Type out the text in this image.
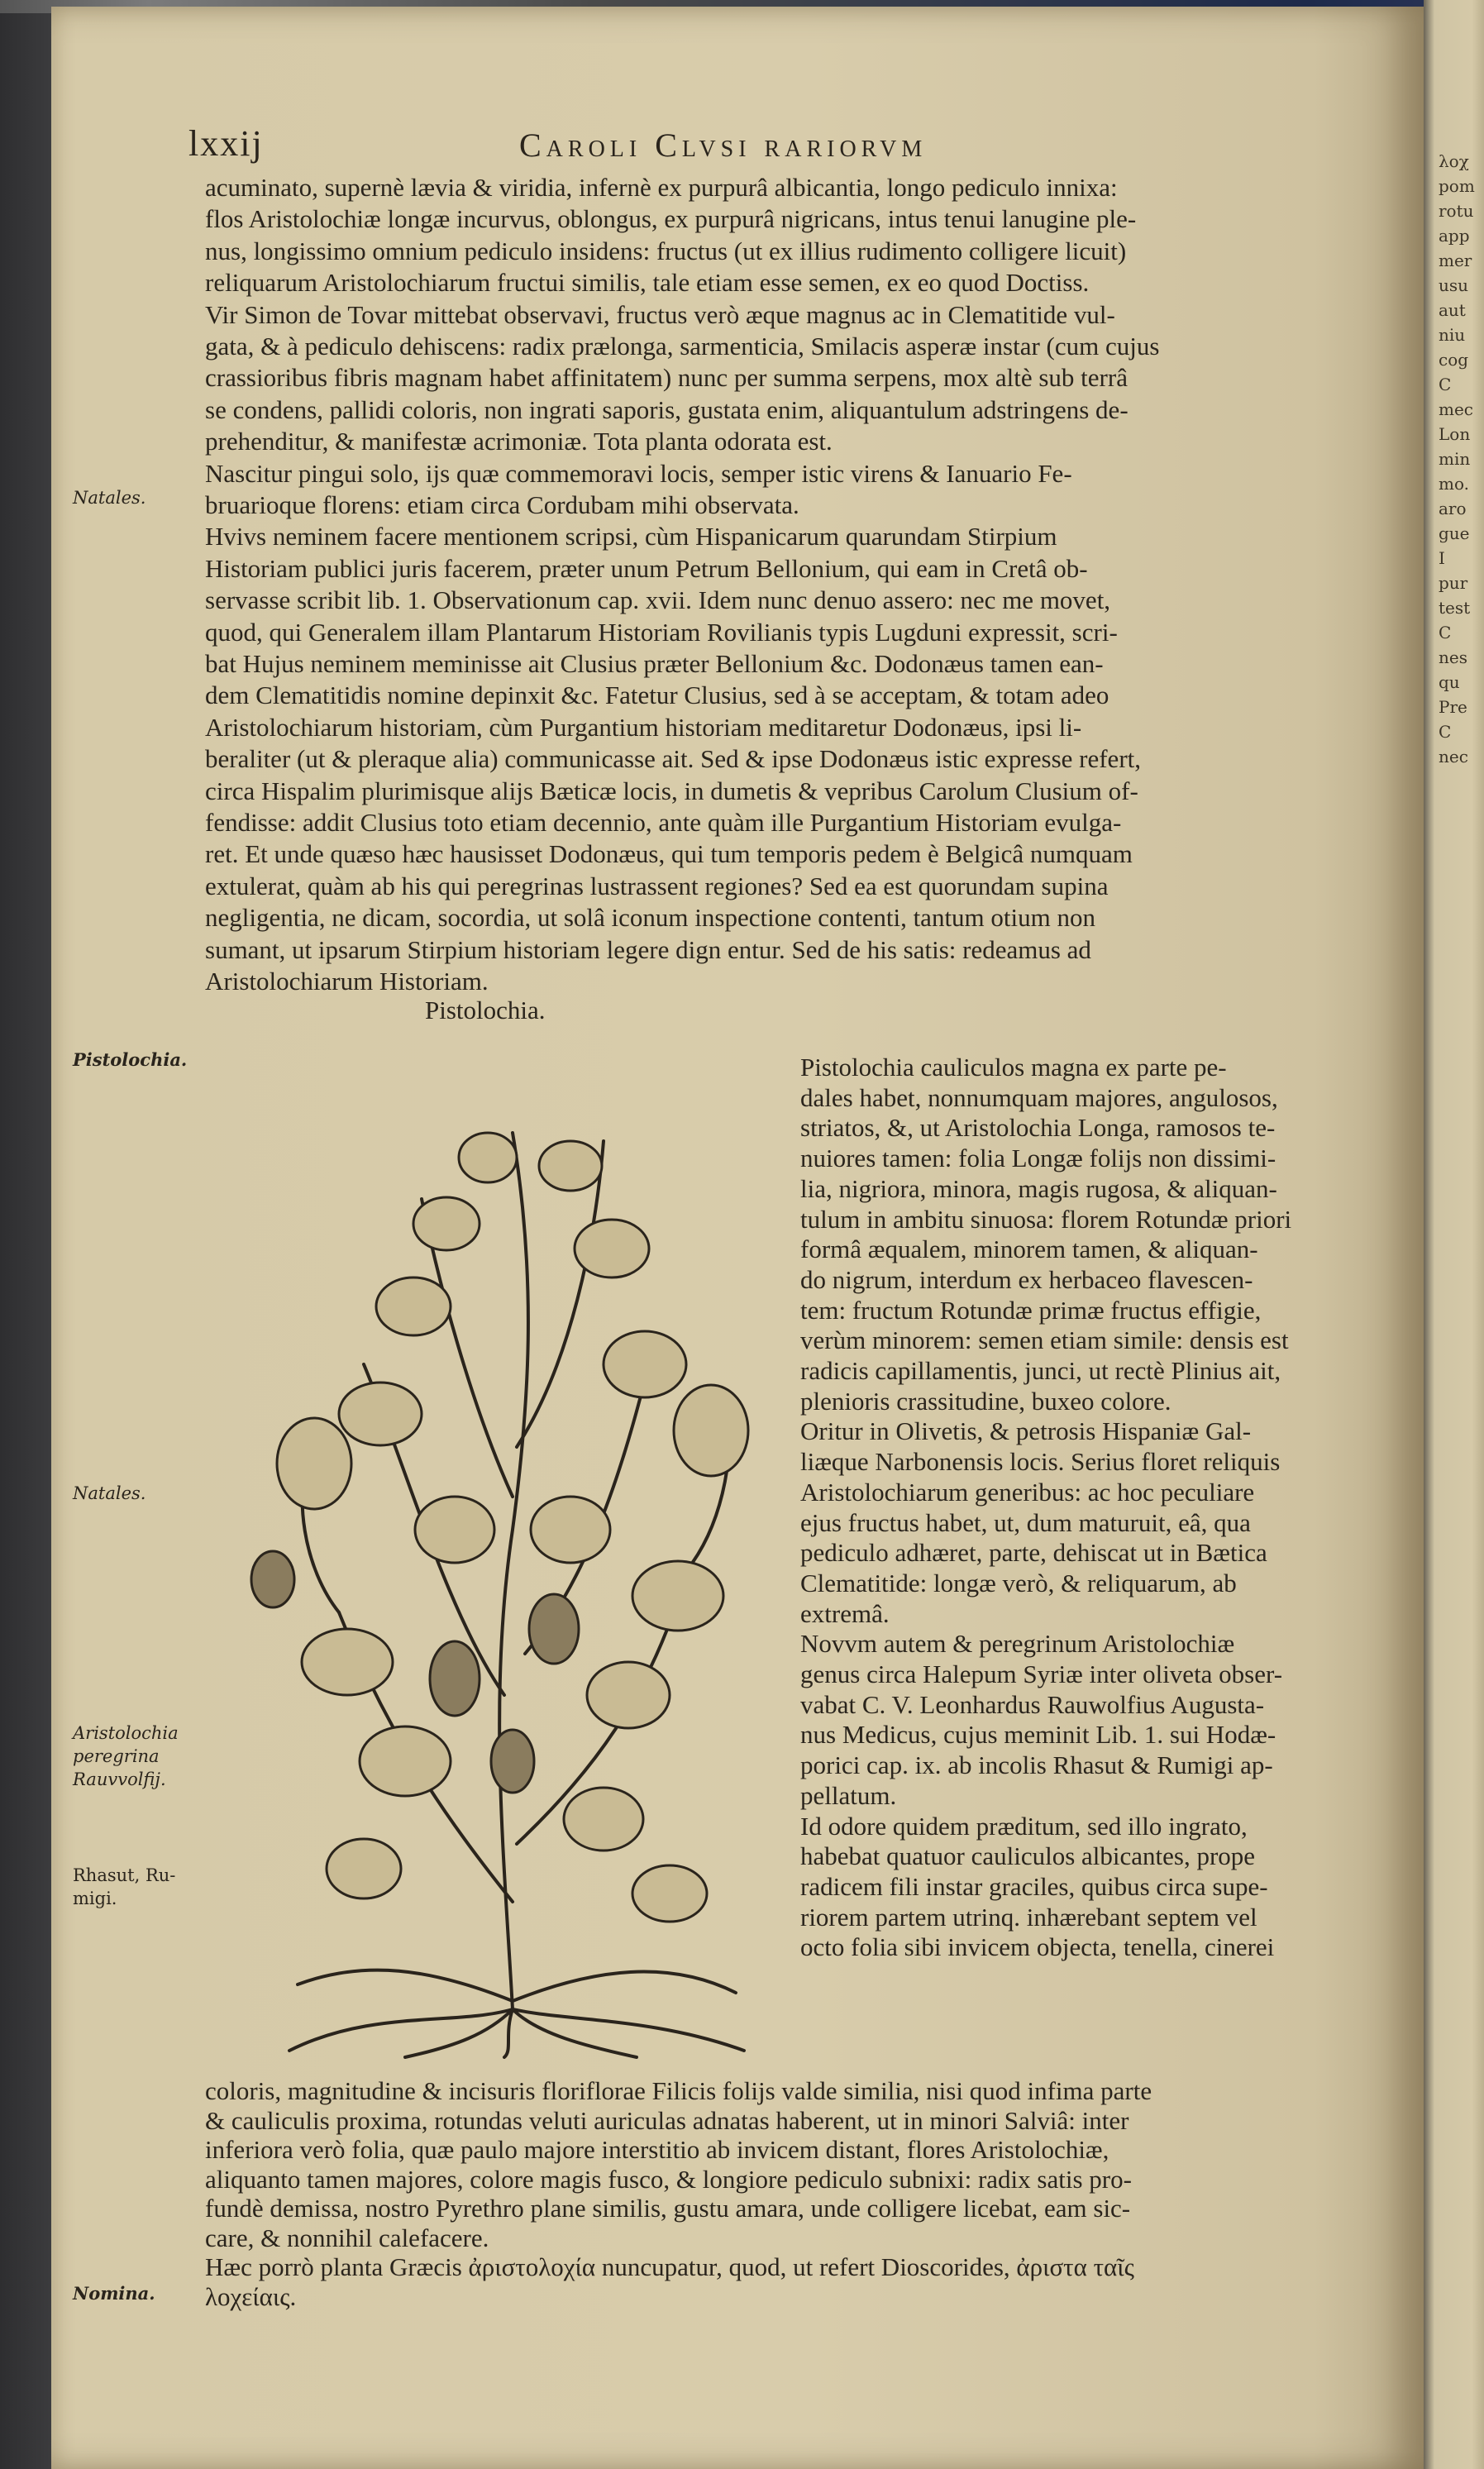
lxxij	Caroli Clvsi rariorvm
acuminato, supernè lævia & viridia, infernè ex purpurâ albicantia, longo pediculo innixa:
flos Aristolochiæ longæ incurvus, oblongus, ex purpurâ nigricans, intus tenui lanugine ple-
nus, longissimo omnium pediculo insidens: fructus (ut ex illius rudimento colligere licuit)
reliquarum Aristolochiarum fructui similis, tale etiam esse semen, ex eo quod Doctiss.
Vir Simon de Tovar mittebat observavi, fructus verò æque magnus ac in Clematitide vul-
gata, & à pediculo dehiscens: radix prælonga, sarmenticia, Smilacis asperæ instar (cum cujus
crassioribus fibris magnam habet affinitatem) nunc per summa serpens, mox altè sub terrâ
se condens, pallidi coloris, non ingrati saporis, gustata enim, aliquantulum adstringens de-
prehenditur, & manifestæ acrimoniæ. Tota planta odorata est.
Nascitur pingui solo, ijs quæ commemoravi locis, semper istic virens & Ianuario Fe-
bruarioque florens: etiam circa Cordubam mihi observata.
Hvivs neminem facere mentionem scripsi, cùm Hispanicarum quarundam Stirpium
Historiam publici juris facerem, præter unum Petrum Bellonium, qui eam in Cretâ ob-
servasse scribit lib. 1. Observationum cap. xvii. Idem nunc denuo assero: nec me movet,
quod, qui Generalem illam Plantarum Historiam Rovilianis typis Lugduni expressit, scri-
bat Hujus neminem meminisse ait Clusius præter Bellonium &c. Dodonæus tamen ean-
dem Clematitidis nomine depinxit &c. Fatetur Clusius, sed à se acceptam, & totam adeo
Aristolochiarum historiam, cùm Purgantium historiam meditaretur Dodonæus, ipsi li-
beraliter (ut & pleraque alia) communicasse ait. Sed & ipse Dodonæus istic expresse refert,
circa Hispalim plurimisque alijs Bæticæ locis, in dumetis & vepribus Carolum Clusium of-
fendisse: addit Clusius toto etiam decennio, ante quàm ille Purgantium Historiam evulga-
ret. Et unde quæso hæc hausisset Dodonæus, qui tum temporis pedem è Belgicâ numquam
extulerat, quàm ab his qui peregrinas lustrassent regiones? Sed ea est quorundam supina
negligentia, ne dicam, socordia, ut solâ iconum inspectione contenti, tantum otium non
sumant, ut ipsarum Stirpium historiam legere dign entur. Sed de his satis: redeamus ad
Aristolochiarum Historiam.
Pistolochia.
Pistolochia cauliculos magna ex parte pe-
dales habet, nonnumquam majores, angulosos,
striatos, &, ut Aristolochia Longa, ramosos te-
nuiores tamen: folia Longæ folijs non dissimi-
lia, nigriora, minora, magis rugosa, & aliquan-
tulum in ambitu sinuosa: florem Rotundæ priori
formâ æqualem, minorem tamen, & aliquan-
do nigrum, interdum ex herbaceo flavescen-
tem: fructum Rotundæ primæ fructus effigie,
verùm minorem: semen etiam simile: densis est
radicis capillamentis, junci, ut rectè Plinius ait,
plenioris crassitudine, buxeo colore.
Oritur in Olivetis, & petrosis Hispaniæ Gal-
liæque Narbonensis locis. Serius floret reliquis
Aristolochiarum generibus: ac hoc peculiare
ejus fructus habet, ut, dum maturuit, eâ, qua
pediculo adhæret, parte, dehiscat ut in Bætica
Clematitide: longæ verò, & reliquarum, ab
extremâ.
Novvm autem & peregrinum Aristolochiæ
genus circa Halepum Syriæ inter oliveta obser-
vabat C. V. Leonhardus Rauwolfius Augusta-
nus Medicus, cujus meminit Lib. 1. sui Hodæ-
porici cap. ix. ab incolis Rhasut & Rumigi ap-
pellatum.
Id odore quidem præditum, sed illo ingrato,
habebat quatuor cauliculos albicantes, prope
radicem fili instar graciles, quibus circa supe-
riorem partem utrinq. inhærebant septem vel
octo folia sibi invicem objecta, tenella, cinerei
coloris, magnitudine & incisuris floriflorae Filicis folijs valde similia, nisi quod infima parte
& cauliculis proxima, rotundas veluti auriculas adnatas haberent, ut in minori Salviâ: inter
inferiora verò folia, quæ paulo majore interstitio ab invicem distant, flores Aristolochiæ,
aliquanto tamen majores, colore magis fusco, & longiore pediculo subnixi: radix satis pro-
fundè demissa, nostro Pyrethro plane similis, gustu amara, unde colligere licebat, eam sic-
care, & nonnihil calefacere.
Hæc porrò planta Græcis ἀριστολοχία nuncupatur, quod, ut refert Dioscorides, ἀριστα ταῖς
λοχείαις.
Natales.
Pistolochia.
Natales.
Aristolochia
peregrina
Rauvvolfij.
Rhasut, Ru-
migi.
Nomina.
λοχ
pom
rotu
app
mer
usu
aut
niu
cog
C
mec
Lon
min
mo.
aro
gue
I
pur
test
C
nes
qu
Pre
C
nec
